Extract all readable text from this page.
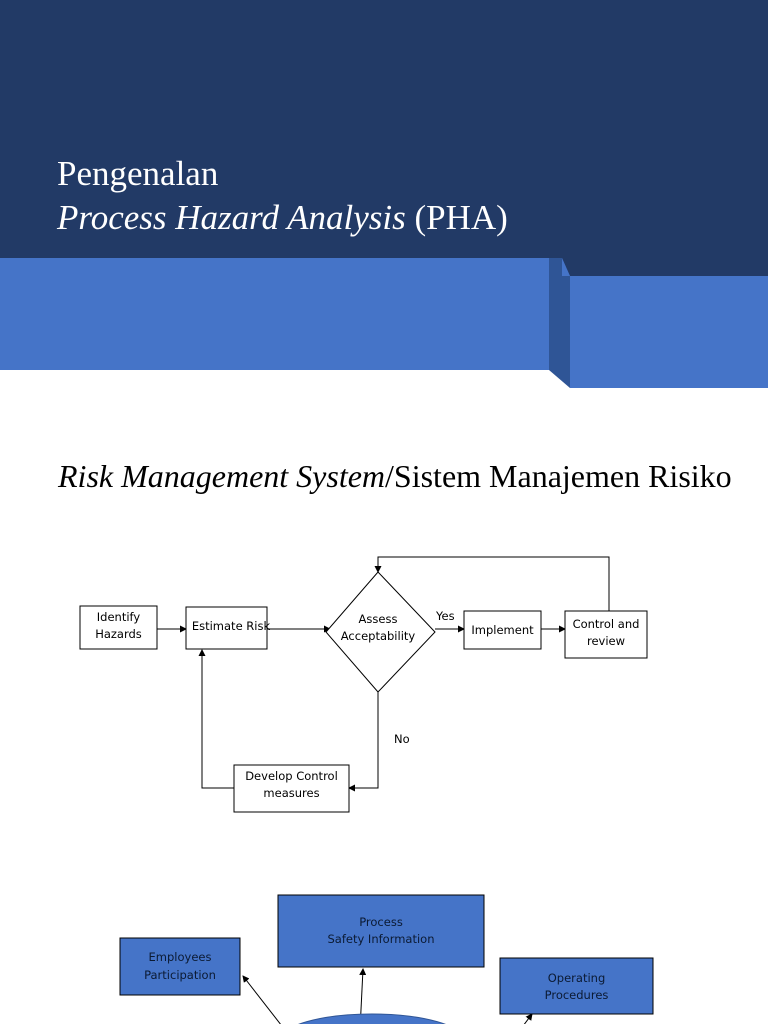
Pengenalan
Process Hazard Analysis (PHA)
Risk Management System/Sistem Manajemen Risiko
Identify
Hazards
Estimate Risk	Assess
Acceptability
Yes
No
Implement	Control and
review
Develop Control
measures
Employees
Participation
Process
Safety Information
Operating
Procedures
